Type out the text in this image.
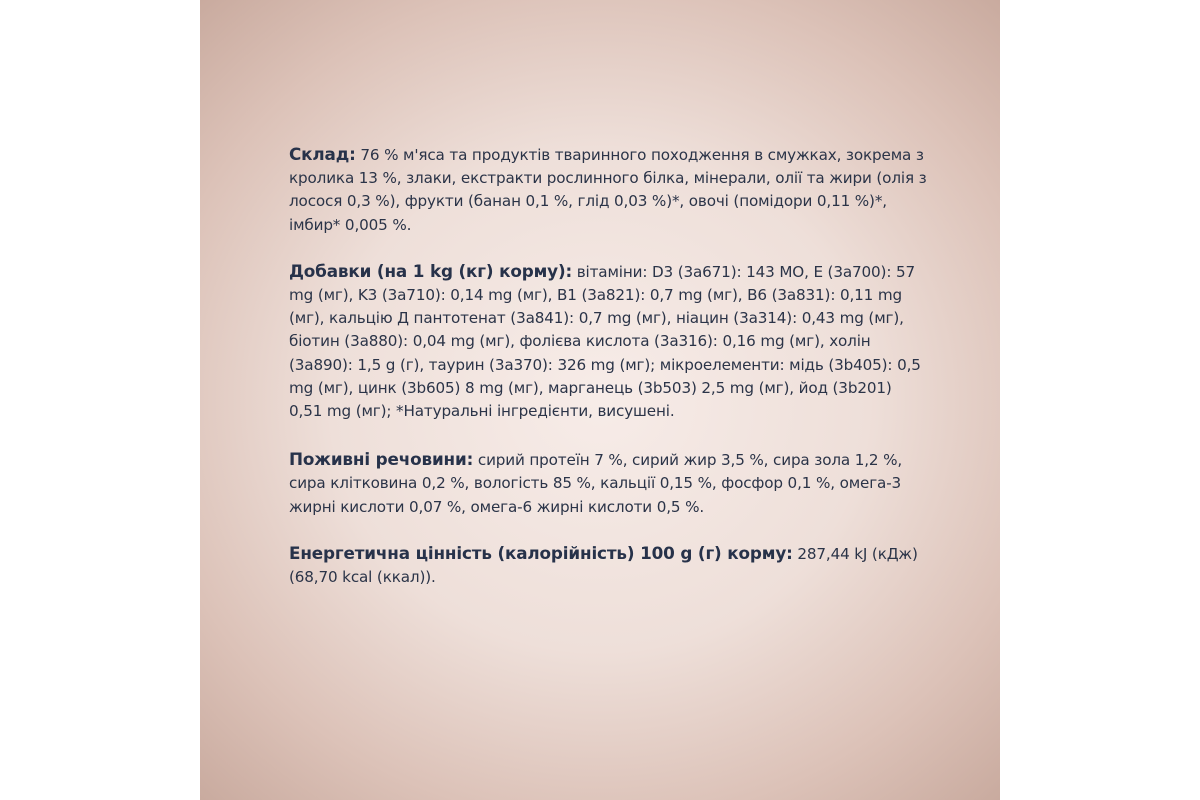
Склад: 76 % м'яса та продуктів тваринного походження в смужках, зокрема з кролика 13 %, злаки, екстракти рослинного білка, мінерали, олії та жири (олія з лосося 0,3 %), фрукти (банан 0,1 %, глід 0,03 %)*, овочі (помідори 0,11 %)*, імбир* 0,005 %.

Добавки (на 1 kg (кг) корму): вітаміни: D3 (3a671): 143 МО, E (3a700): 57 mg (мг), K3 (3a710): 0,14 mg (мг), B1 (3a821): 0,7 mg (мг), B6 (3a831): 0,11 mg (мг), кальцію Д пантотенат (3a841): 0,7 mg (мг), ніацин (3a314): 0,43 mg (мг), біотин (3a880): 0,04 mg (мг), фолієва кислота (3a316): 0,16 mg (мг), холін (3a890): 1,5 g (г), таурин (3a370): 326 mg (мг); мікроелементи: мідь (3b405): 0,5 mg (мг), цинк (3b605) 8 mg (мг), марганець (3b503) 2,5 mg (мг), йод (3b201) 0,51 mg (мг); *Натуральні інгредієнти, висушені.

Поживні речовини: сирий протеїн 7 %, сирий жир 3,5 %, сира зола 1,2 %, сира клітковина 0,2 %, вологість 85 %, кальції 0,15 %, фосфор 0,1 %, омега-3 жирні кислоти 0,07 %, омега-6 жирні кислоти 0,5 %.

Енергетична цінність (калорійність) 100 g (г) корму: 287,44 kJ (кДж) (68,70 kcal (ккал)).
